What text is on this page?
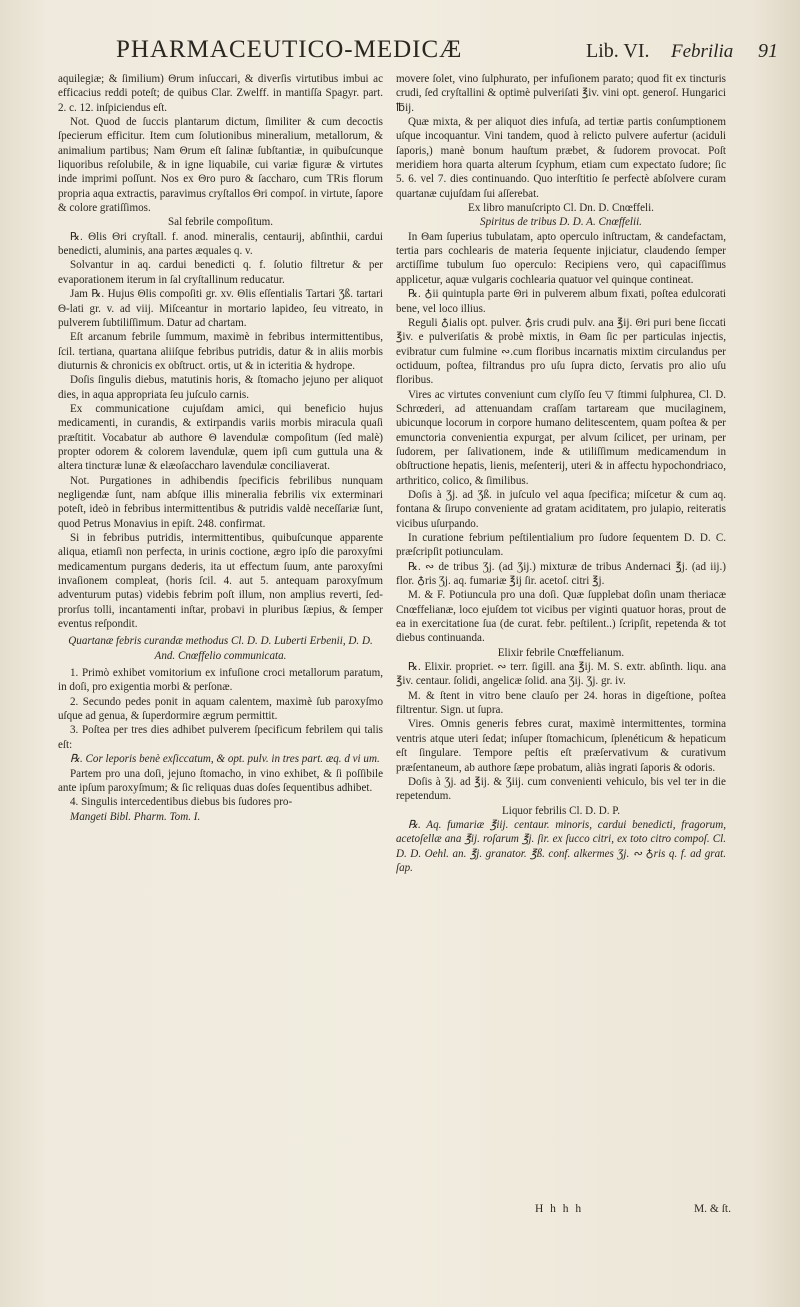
PHARMACEUTICO-MEDICÆ	Lib. VI. Febrilia 91

aquilegiæ; & ſimilium) Θrum inſuccari, & diverſis virtutibus imbui ac efficacius reddi poteſt; de quibus Clar. Zwelff. in mantiſſa Spagyr. part. 2. c. 12. inſpiciendus eſt.

Not. Quod de ſuccis plantarum dictum, ſimiliter & cum decoctis ſpecierum efficitur. Item cum ſolutionibus mineralium, metallorum, & animalium partibus; Nam Θrum eſt ſalinæ ſubſtantiæ, in quibuſcunque liquoribus reſolubile, & in igne liquabile, cui variæ figuræ & virtutes inde imprimi poſſunt. Nos ex Θro puro & ſaccharo, cum TRis florum propria aqua extractis, paravimus cryſtallos Θri compoſ. in virtute, ſapore & colore gratiſſimos.

Sal febrile compoſitum.

℞. Θlis Θri cryſtall. f. anod. mineralis, centaurij, abſinthii, cardui benedicti, aluminis, ana partes æquales q. v.

Solvantur in aq. cardui benedicti q. f. ſolutio filtretur & per evaporationem iterum in ſal cryſtallinum reducatur.

Jam ℞. Hujus Θlis compoſiti gr. xv. Θlis eſſentialis Tartari Ʒß. tartari Θ-lati gr. v. ad viij. Miſceantur in mortario lapideo, ſeu vitreato, in pulverem ſubtiliſſimum. Datur ad chartam.

Eſt arcanum febrile ſummum, maximè in febribus intermittentibus, ſcil. tertiana, quartana aliiſque febribus putridis, datur & in aliis morbis diuturnis & chronicis ex obſtruct. ortis, ut & in icteritia & hydrope.

Doſis ſingulis diebus, matutinis horis, & ſtomacho jejuno per aliquot dies, in aqua appropriata ſeu juſculo carnis.

Ex communicatione cujuſdam amici, qui beneficio hujus medicamenti, in curandis, & extirpandis variis morbis miracula quaſi præſtitit. Vocabatur ab authore Θ lavendulæ compoſitum (ſed malè) propter odorem & colorem lavendulæ, quem ipſi cum guttula una & altera tincturæ lunæ & elæoſaccharo lavendulæ conciliaverat.

Not. Purgationes in adhibendis ſpecificis febrilibus nunquam negligendæ ſunt, nam abſque illis mineralia febrilis vix exterminari poteſt, ideò in febribus intermittentibus & putridis valdè neceſſariæ ſunt, quod Petrus Monavius in epiſt. 248. confirmat.

Si in febribus putridis, intermittentibus, quibuſcunque apparente aliqua, etiamſi non perfecta, in urinis coctione, ægro ipſo die paroxyſmi medicamentum purgans dederis, ita ut effectum ſuum, ante paroxyſmi invaſionem compleat, (horis ſcil. 4. aut 5. antequam paroxyſmum adventurum putas) videbis febrim poſt illum, non amplius reverti, ſed-prorſus tolli, incantamenti inſtar, probavi in pluribus ſæpius, & ſemper eventus reſpondit.

Quartanæ febris curandæ methodus Cl. D. D. Luberti Erbenii, D. D. And. Cnœffelio communicata.

1. Primò exhibet vomitorium ex infuſione croci metallorum paratum, in doſi, pro exigentia morbi & perſonæ.

2. Secundo pedes ponit in aquam calentem, maximè ſub paroxyſmo uſque ad genua, & ſuperdormire ægrum permittit.

3. Poſtea per tres dies adhibet pulverem ſpecificum febrilem qui talis eſt:

℞. Cor leporis benè exſiccatum, & opt. pulv. in tres part. æq. d vi um.

Partem pro una doſi, jejuno ſtomacho, in vino exhibet, & ſi poſſibile ante ipſum paroxyſmum; & ſic reliquas duas doſes ſequentibus adhibet.

4. Singulis intercedentibus diebus bis ſudores pro-

Mangeti Bibl. Pharm. Tom. I.

movere ſolet, vino ſulphurato, per infuſionem parato; quod fit ex tincturis crudi, ſed cryſtallini & optimè pulveriſati ℥iv. vini opt. generoſ. Hungarici ℔ij.

Quæ mixta, & per aliquot dies infuſa, ad tertiæ partis conſumptionem uſque incoquantur. Vini tandem, quod à relicto pulvere aufertur (aciduli ſaporis,) manè bonum hauſtum præbet, & ſudorem provocat. Poſt meridiem hora quarta alterum ſcyphum, etiam cum expectato ſudore; ſic 5. 6. vel 7. dies continuando. Quo interſtitio ſe perfectè abſolvere curam quartanæ cujuſdam ſui aſſerebat.

Ex libro manuſcripto Cl. Dn. D. Cnœffeli.

Spiritus de tribus D. D. A. Cnœffelii.

In Θam ſuperius tubulatam, apto operculo inſtructam, & candefactam, tertia pars cochlearis de materia ſequente injiciatur, claudendo ſemper arctiſſime tubulum ſuo operculo: Recipiens vero, quì capaciſſimus applicetur, aquæ vulgaris cochlearia quatuor vel quinque contineat.

℞. ♁ii quintupla parte Θri in pulverem album fixati, poſtea edulcorati bene, vel loco illius.

Reguli ♁ialis opt. pulver. ♁ris crudi pulv. ana ℥ij. Θri puri bene ſiccati ℥iv. e pulveriſatis & probè mixtis, in Θam ſic per particulas injectis, evibratur cum fulmine ∾.cum floribus incarnatis mixtim circulandus per octiduum, poſtea, filtrandus pro uſu ſupra dicto, ſervatis pro alio uſu floribus.

Vires ac virtutes conveniunt cum clyſſo ſeu ▽ ſtimmi ſulphurea, Cl. D. Schrœderi, ad attenuandam craſſam tartaream que mucilaginem, ubicunque locorum in corpore humano delitescentem, quam poſtea & per emunctoria convenientia expurgat, per alvum ſcilicet, per urinam, per ſudorem, per ſalivationem, inde & utiliſſimum medicamendum in obſtructione hepatis, lienis, meſenterij, uteri & in affectu hypochondriaco, arthritico, colico, & ſimilibus.

Doſis à Ʒj. ad Ʒß. in juſculo vel aqua ſpecifica; miſcetur & cum aq. fontana & ſirupo conveniente ad gratam aciditatem, pro julapio, reiteratis vicibus uſurpando.

In curatione febrium peſtilentialium pro ſudore ſequentem D. D. C. præſcripſit potiunculam.

℞. ∾ de tribus Ʒj. (ad Ʒij.) mixturæ de tribus Andernaci ℥j. (ad iij.) flor. ♁ris Ʒj. aq. fumariæ ℥ij ſir. acetoſ. citri ℥j.

M. & F. Potiuncula pro una doſi. Quæ ſupplebat doſin unam theriacæ Cnœffelianæ, loco ejuſdem tot vicibus per viginti quatuor horas, prout de ea in exercitatione ſua (de curat. febr. peſtilent..) ſcripſit, repetenda & tot diebus continuanda.

Elixir febrile Cnœffelianum.

℞. Elixir. propriet. ∾ terr. ſigill. ana ℥ij. M. S. extr. abſinth. liqu. ana ℥iv. centaur. ſolidi, angelicæ ſolid. ana Ʒij. Ʒj. gr. iv.

M. & ſtent in vitro bene clauſo per 24. horas in digeſtione, poſtea filtrentur. Sign. ut ſupra.

Vires. Omnis generis febres curat, maximè intermittentes, tormina ventris atque uteri ſedat; inſuper ſtomachicum, ſplenéticum & hepaticum eſt ſingulare. Tempore peſtis eſt præſervativum & curativum præſentaneum, ab authore ſæpe probatum, aliàs ingrati ſaporis & odoris.

Doſis à Ʒj. ad ℥ij. & Ʒiij. cum convenienti vehiculo, bis vel ter in die repetendum.

Liquor febrilis Cl. D. D. P.

℞. Aq. fumariæ ℥iij. centaur. minoris, cardui benedicti, fragorum, acetoſellæ ana ℥ij. roſarum ℥j. ſir. ex ſucco citri, ex toto citro compoſ. Cl. D. D. Oehl. an. ℥j. granator. ℥ß. conf. alkermes Ʒj. ∾ ♁ris q. f. ad grat. ſap.

H h h h	M. & ſt.
